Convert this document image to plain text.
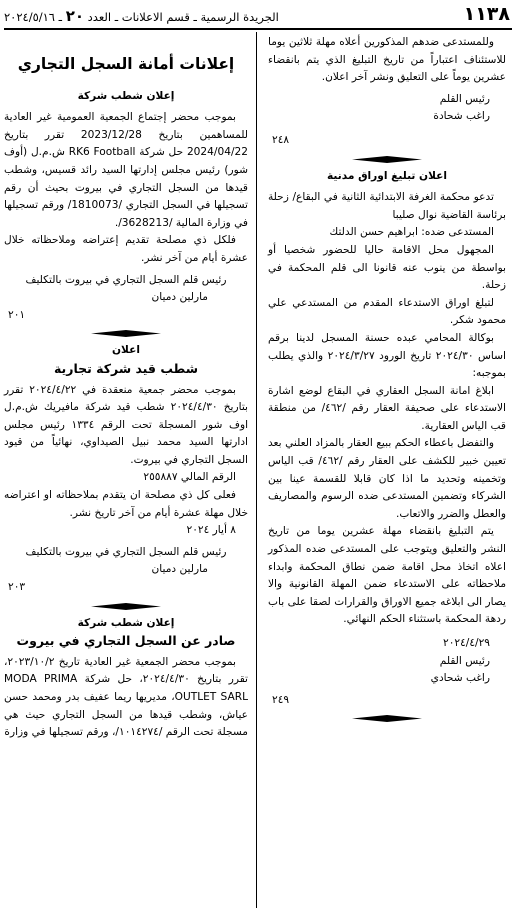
١١٣٨
الجريدة الرسمية ـ قسم الاعلانات ـ العدد ٢٠ ـ ٢٠٢٤/٥/١٦

وللمستدعى ضدهم المذكورين أعلاه مهلة ثلاثين يوما للاستئناف اعتباراً من تاريخ التبليغ الذي يتم بانقضاء عشرين يوماً على التعليق ونشر آخر اعلان.

رئيس القلم

راغب شحادة

٢٤٨

اعلان تبليغ اوراق مدنية

تدعو محكمة الغرفة الابتدائية الثانية في البقاع/ زحلة برئاسة القاضية نوال صليبا

المستدعى ضده: ابراهيم حسن الدلتك

المجهول محل الاقامة حاليا للحضور شخصيا أو بواسطة من ينوب عنه قانونا الى قلم المحكمة في زحلة.

لتبلغ اوراق الاستدعاء المقدم من المستدعي علي محمود شكر.

بوكالة المحامي عبده حسنة المسجل لدينا برقم اساس ٢٠٢٤/٣٠ تاريخ الورود ٢٠٢٤/٣/٢٧ والذي يطلب بموجبه:

ابلاغ امانة السجل العقاري في البقاع لوضع اشارة الاستدعاء على صحيفة العقار رقم /٤٦٢/ من منطقة قب الياس العقارية.

والتفضل باعطاء الحكم ببيع العقار بالمزاد العلني بعد تعيين خبير للكشف على العقار رقم /٤٦٢/ قب الياس وتخمينه وتحديد ما اذا كان قابلا للقسمة عينا بين الشركاء وتضمين المستدعى ضده الرسوم والمصاريف والعطل والضرر والاتعاب.

يتم التبليغ بانقضاء مهلة عشرين يوما من تاريخ النشر والتعليق ويتوجب على المستدعى ضده المذكور اعلاه اتخاذ محل اقامة ضمن نطاق المحكمة وابداء ملاحظاته على الاستدعاء ضمن المهلة القانونية والا يصار الى ابلاغه جميع الاوراق والقرارات لصقا على باب ردهة المحكمة باستثناء الحكم النهائي.

٢٠٢٤/٤/٢٩

رئيس القلم

راغب شحادي

٢٤٩

إعلانات أمانة السجل التجاري

إعلان شطب شركة

بموجب محضر إجتماع الجمعية العمومية غير العادية للمساهمين بتاريخ 2023/12/28 تقرر بتاريخ 2024/04/22 حل شركة RK6 Football ش.م.ل (أوف شور) رئيس مجلس إدارتها السيد رائد قسيس، وشطب قيدها من السجل التجاري في بيروت بحيث أن رقم تسجيلها في السجل التجاري /1810073/ ورقم تسجيلها في وزارة المالية /3628213/.

فلكل ذي مصلحة تقديم إعتراضه وملاحظاته خلال عشرة أيام من آخر نشر.

رئيس قلم السجل التجاري في بيروت بالتكليف

مارلين دميان

٢٠١

اعلان

شطب قيد شركة تجارية

بموجب محضر جمعية منعقدة في ٢٠٢٤/٤/٢٢ تقرر بتاريخ ٢٠٢٤/٤/٣٠ شطب قيد شركة مافيريك ش.م.ل اوف شور المسجلة تحت الرقم ١٣٣٤ رئيس مجلس ادارتها السيد محمد نبيل الصيداوي، نهائياً من قيود السجل التجاري في بيروت.

الرقم المالي ٢٥٥٨٨٧

فعلى كل ذي مصلحة ان يتقدم بملاحظاته او اعتراضه خلال مهلة عشرة أيام من آخر تاريخ نشر.

٨ أيار ٢٠٢٤

رئيس قلم السجل التجاري في بيروت بالتكليف

مارلين دميان

٢٠٣

إعلان شطب شركة

صادر عن السجل التجاري في بيروت

بموجب محضر الجمعية غير العادية تاريخ ٢٠٢٣/١٠/٢، تقرر بتاريخ ٢٠٢٤/٤/٣٠، حل شركة MODA PRIMA OUTLET SARL، مديريها ريما عفيف بدر ومحمد حسن عياش، وشطب قيدها من السجل التجاري حيث هي مسجلة تحت الرقم /١٠١٤٢٧٤/، ورقم تسجيلها في وزارة
